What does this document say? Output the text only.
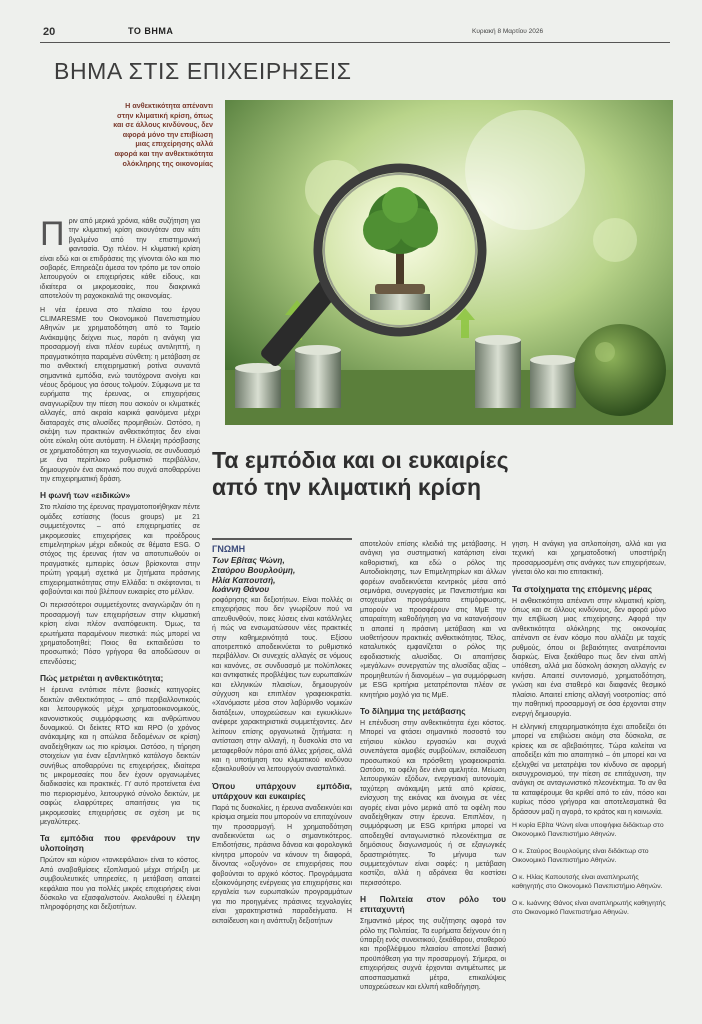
20	ΤΟ ΒΗΜΑ	Κυριακή 8 Μαρτίου 2026
ΒΗΜΑ ΣΤΙΣ ΕΠΙΧΕΙΡΗΣΕΙΣ
Η ανθεκτικότητα απέναντι
στην κλιματική κρίση, όπως
και σε άλλους κινδύνους, δεν
αφορά μόνο την επιβίωση
μιας επιχείρησης αλλά
αφορά και την ανθεκτικότητα
ολόκληρης της οικονομίας
Τα εμπόδια και οι ευκαιρίες
από την κλιματική κρίση
Π ριν από μερικά χρόνια, κάθε συζήτηση για την κλιματική κρίση ακουγόταν σαν κάτι βγαλμένο από την επιστημονική φαντασία. Όχι πλέον. Η κλιματική κρίση είναι εδώ και οι επιδράσεις της γίνονται όλο και πιο σοβαρές. Επηρεάζει άμεσα τον τρόπο με τον οποίο λειτουργούν οι επιχειρήσεις κάθε είδους, και ιδιαίτερα οι μικρομεσαίες, που διακρινικά αποτελούν τη ραχοκοκαλιά της οικονομίας.

Η νέα έρευνα στο πλαίσιο του έργου CLIMARESME του Οικονομικού Πανεπιστημίου Αθηνών με χρηματοδότηση από το Ταμείο Ανάκαμψης δείχνει πως, παρότι η ανάγκη για προσαρμογή είναι πλέον ευρέως αντιληπτή, η πραγματικότητα παραμένει σύνθετη: η μετάβαση σε πιο ανθεκτική επιχειρηματική ροτίνα συναντά σημαντικά εμπόδια, ενώ ταυτόχρονα ανοίγει και νέους δρόμους για όσους τολμούν. Σύμφωνα με τα ευρήματα της έρευνας, οι επιχειρήσεις αναγνωρίζουν την πίεση που ασκούν οι κλιματικές αλλαγές, από ακραία καιρικά φαινόμενα μέχρι διαταραχές στις αλυσίδες προμηθειών. Ωστόσο, η σκέψη των πρακτικών ανθεκτικότητας δεν είναι ούτε εύκολη ούτε αυτόματη. Η έλλειψη πρόσβασης σε χρηματοδότηση και τεχνογνωσία, σε συνδυασμό με ένα περίπλοκο ρυθμιστικό περιβάλλον, δημιουργούν ένα σκηνικό που συχνά αποθαρρύνει την επιχειρηματική δράση.

Η φωνή των «ειδικών»

Στο πλαίσιο της έρευνας πραγματοποιήθηκαν πέντε ομάδες εστίασης (focus groups) με 21 συμμετέχοντες – από επιχειρηματίες σε μικρομεσαίες επιχειρήσεις και προέδρους επιμελητηρίων μέχρι ειδικούς σε θέματα ESG. Ο στόχος της έρευνας ήταν να αποτυπωθούν οι πραγματικές εμπειρίες όσων βρίσκονται στην πρώτη γραμμή σχετικά με ζητήματα πράσινης επιχειρηματικότητας στην Ελλάδα: τι σκέφτονται, τι φοβούνται και πού βλέπουν ευκαιρίες στο μέλλον.

Οι περισσότεροι συμμετέχοντες αναγνώριζαν ότι η προσαρμογή των επιχειρήσεων στην κλιματική κρίση είναι πλέον αναπόφευκτη. Όμως, τα ερωτήματα παραμένουν πιεστικά: πώς μπορεί να χρηματοδοτηθεί; Ποιος θα εκπαιδεύσει το προσωπικό; Πόσο γρήγορα θα αποδώσουν οι επενδύσεις;

Πώς μετριέται η ανθεκτικότητα;

Η έρευνα εντόπισε πέντε βασικές κατηγορίες δεικτών ανθεκτικότητας – από περιβαλλοντικούς και λειτουργικούς μέχρι χρηματοοικονομικούς, κανονιστικούς συμμόρφωσης και ανθρώπινου δυναμικού. Οι δείκτες RTO και RPO (ο χρόνος ανάκαμψης και η απώλεια δεδομένων σε κρίση) αναδείχθηκαν ως πιο κρίσιμοι. Ωστόσο, η τήρηση στοιχείων για έναν εξαντλητικό κατάλογο δεικτών συνήθως αποθαρρύνει τις επιχειρήσεις, ιδιαίτερα τις μικρομεσαίες που δεν έχουν οργανωμένες διαδικασίες και πρακτικές. Γι’ αυτό προτείνεται ένα πιο περιορισμένο, λειτουργικό σύνολο δεικτών, με σαφώς ελαφρύτερες απαιτήσεις για τις μικρομεσαίες επιχειρήσεις σε σχέση με τις μεγαλύτερες.

Τα εμπόδια που φρενάρουν την υλοποίηση

Πρώτον και κύριον «τονκεφάλαιο» είναι το κόστος. Από αναβαθμίσεις εξοπλισμού μέχρι στήριξη με συμβουλευτικές υπηρεσίες, η μετάβαση απαιτεί κεφάλαια που για πολλές μικρές επιχειρήσεις είναι δύσκολο να εξασφαλιστούν. Ακολουθεί η έλλειψη πληροφόρησης και δεξιοτήτων.

ΓΝΩΜΗ
Των Εβίτας Ψώνη,
Σταύρου Βουρλούμη,
Ηλία Καπουτσή,
Ιωάννη Θάνου

ροφόρησης και δεξιοτήτων. Είναι πολλές οι επιχειρήσεις που δεν γνωρίζουν πού να απευθυνθούν, ποιες λύσεις είναι κατάλληλες ή πώς να ενσωματώσουν νέες πρακτικές στην καθημερινότητά τους. Εξίσου αποτρεπτικό αποδεικνύεται το ρυθμιστικό περιβάλλον. Οι συνεχείς αλλαγές σε νόμους και κανόνες, σε συνδυασμό με πολύπλοκες και αντιφατικές προβλέψεις των ευρωπαϊκών και ελληνικών πλαισίων, δημιουργούν σύγχυση και επιπλέον γραφειοκρατία. «Χανόμαστε μέσα στον λαβύρινθο νομικών διατάξεων, υποχρεώσεων και εγκυκλίων» ανέφερε χαρακτηριστικά συμμετέχοντες. Δεν λείπουν επίσης οργανωτικά ζητήματα: η αντίσταση στην αλλαγή, η δυσκολία στο να μεταφερθούν πόροι από άλλες χρήσεις, αλλά και η υποτίμηση του κλιματικού κινδύνου εξακολουθούν να λειτουργούν ανασταλτικά.

Όπου υπάρχουν εμπόδια, υπάρχουν και ευκαιρίες

Παρά τις δυσκολίες, η έρευνα αναδεικνύει και κρίσιμα σημεία που μπορούν να επιταχύνουν την προσαρμογή. Η χρηματοδότηση αναδεικνύεται ως ο σημαντικότερος. Επιδοτήσεις, πράσινα δάνεια και φορολογικά κίνητρα μπορούν να κάνουν τη διαφορά, δίνοντας «οξυγόνο» σε επιχειρήσεις που φοβούνται το αρχικό κόστος. Προγράμματα εξοικονόμησης ενέργειας για επιχειρήσεις και εργαλεία των ευρωπαϊκών προγραμμάτων για πιο προηγμένες πράσινες τεχνολογίες είναι χαρακτηριστικά παραδείγματα. Η εκπαίδευση και η ανάπτυξη δεξιοτήτων

αποτελούν επίσης κλειδιά της μετάβασης. Η ανάγκη για συστηματική κατάρτιση είναι καθοριστική, και εδώ ο ρόλος της Αυτοδιοίκησης, των Επιμελητηρίων και άλλων φορέων αναδεικνύεται κεντρικός μέσα από σεμινάρια, συνεργασίες με Πανεπιστήμια και στοχευμένα προγράμματα επιμόρφωσης, μπορούν να προσφέρουν στις ΜμΕ την απαραίτητη καθοδήγηση για να κατανοήσουν τι απαιτεί η πράσινη μετάβαση και να υιοθετήσουν πρακτικές ανθεκτικότητας. Τέλος, καταλυτικός εμφανίζεται ο ρόλος της εφοδιαστικής αλυσίδας. Οι απαιτήσεις «μεγάλων» συνεργατών της αλυσίδας αξίας – προμηθευτών ή διανομέων – για συμμόρφωση με ESG κριτήρια μετατρέπονται πλέον σε κινητήριο μοχλό για τις ΜμΕ.

Το δίλημμα της μετάβασης

Η επένδυση στην ανθεκτικότητα έχει κόστος. Μπορεί να φτάσει σημαντικό ποσοστό του ετήσιου κύκλου εργασιών και συχνά συνεπάγεται αμοιβές συμβούλων, εκπαίδευση προσωπικού και πρόσθετη γραφειοκρατία. Ωστόσο, τα οφέλη δεν είναι αμελητέα. Μείωση λειτουργικών εξόδων, ενεργειακή αυτονομία, ταχύτερη ανάκαμψη μετά από κρίσεις, ενίσχυση της εικόνας και άνοιγμα σε νέες αγορές είναι μόνο μερικά από τα οφέλη που αναδείχθηκαν στην έρευνα. Επιπλέον, η συμμόρφωση με ESG κριτήρια μπορεί να αποδειχθεί ανταγωνιστικό πλεονέκτημα σε δημόσιους διαγωνισμούς ή σε εξαγωγικές δραστηριότητες. Το μήνυμα των συμμετεχόντων είναι σαφές: η μετάβαση κοστίζει, αλλά η αδράνεια θα κοστίσει περισσότερο.

Η Πολιτεία στον ρόλο του επιταχυντή

Σημαντικό μέρος της συζήτησης αφορά τον ρόλο της Πολιτείας. Τα ευρήματα δείχνουν ότι η ύπαρξη ενός συνεκτικού, ξεκάθαρου, σταθερού και προβλέψιμου πλαισίου αποτελεί βασική προϋπόθεση για την προσαρμογή. Σήμερα, οι επιχειρήσεις συχνά έρχονται αντιμέτωπες με αποσπασματικά μέτρα, επικαλύψεις υποχρεώσεων και ελλιπή καθοδήγηση.

γηση. Η ανάγκη για απλοποίηση, αλλά και για τεχνική και χρηματοδοτική υποστήριξη προσαρμοσμένη στις ανάγκες των επιχειρήσεων, γίνεται όλο και πιο επιτακτική.

Τα στοίχηματα της επόμενης μέρας

Η ανθεκτικότητα απέναντι στην κλιματική κρίση, όπως και σε άλλους κινδύνους, δεν αφορά μόνο την επιβίωση μιας επιχείρησης. Αφορά την ανθεκτικότητα ολόκληρης της οικονομίας απέναντι σε έναν κόσμο που αλλάζει με ταχείς ρυθμούς, όπου οι βεβαιότητες ανατρέπονται διαρκώς. Είναι ξεκάθαρο πως δεν είναι απλή υπόθεση, αλλά μια δύσκολη άσκηση αλλαγής εν κινήσει. Απαιτεί συντονισμό, χρηματοδότηση, γνώση και ένα σταθερό και διαφανές θεσμικό πλαίσιο. Απαιτεί επίσης αλλαγή νοοτροπίας: από την παθητική προσαρμογή σε όσα έρχονται στην ενεργή δημιουργία.

Η ελληνική επιχειρηματικότητα έχει αποδείξει ότι μπορεί να επιβιώσει ακόμη στα δύσκολα, σε κρίσεις και σε αβεβαιότητες. Τώρα καλείται να αποδείξει κάτι πιο απαιτητικό – ότι μπορεί και να εξελιχθεί να μετατρέψει τον κίνδυνο σε αφορμή εκσυγχρονισμού, την πίεση σε επιτάχυνση, την ανάγκη σε ανταγωνιστικό πλεονέκτημα. Το αν θα τα καταφέρουμε θα κριθεί από το εάν, πόσο και κυρίως πόσο γρήγορα και αποτελεσματικά θα δράσουν μαζί η αγορά, το κράτος και η κοινωνία.

Η κυρία Εβίτα Ψώνη είναι υποψήφια διδάκτωρ στο Οικονομικό Πανεπιστήμιο Αθηνών.
Ο κ. Σταύρος Βουρλούμης είναι διδάκτωρ στο Οικονομικό Πανεπιστήμιο Αθηνών.
Ο κ. Ηλίας Καπουτσής είναι αναπληρωτής καθηγητής στο Οικονομικό Πανεπιστήμιο Αθηνών.
Ο κ. Ιωάννης Θάνος είναι αναπληρωτής καθηγητής στο Οικονομικό Πανεπιστήμιο Αθηνών.
